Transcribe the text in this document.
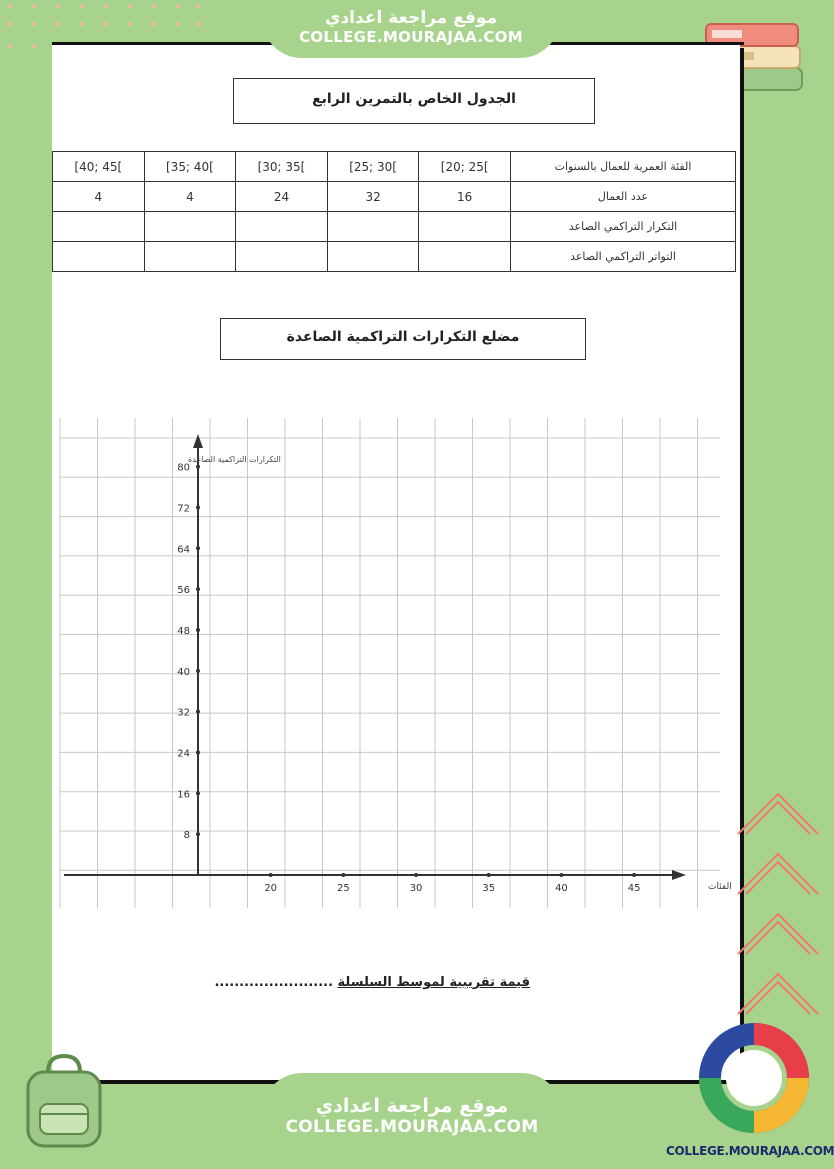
موقع مراجعة اعدادي
COLLEGE.MOURAJAA.COM
الجدول الخاص بالتمرين الرابع
[40; 45[	[35; 40[	[30; 35[	[25; 30[	[20; 25[	الفئة العمرية للعمال بالسنوات
4	4	24	32	16	عدد العمال
					التكرار التراكمي الصاعد
					التواتر التراكمي الصاعد
مضلع التكرارات التراكمية الصاعدة
8
16
24
32
40
48
56
64
72
80
20	25	30	35	40	45
التكرارات التراكمية الصاعدة
الفئات
قيمة تقريبية لموسط السلسلة ........................
COLLEGE.MOURAJAA.COM
موقع مراجعة اعدادي
COLLEGE.MOURAJAA.COM
